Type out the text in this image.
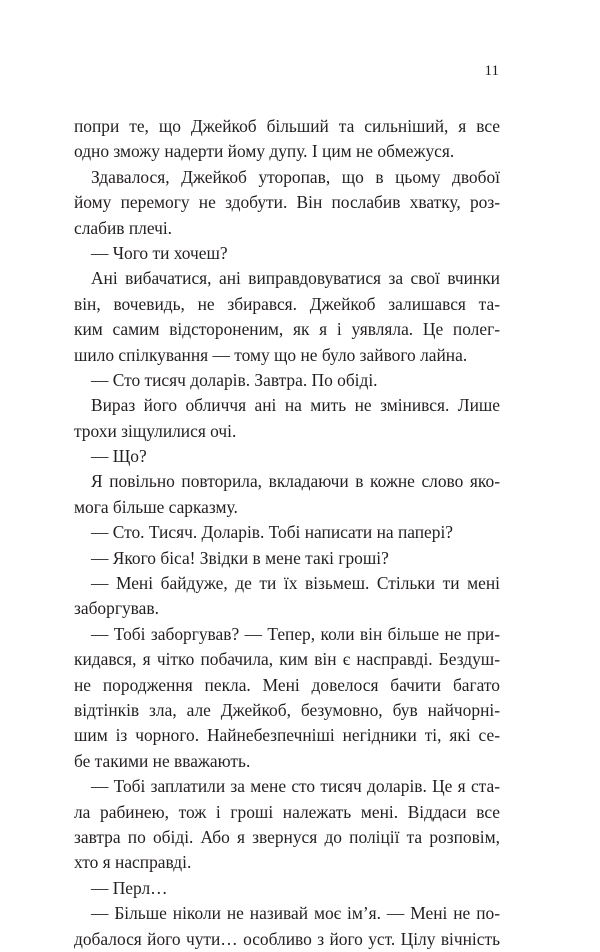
11
попри те, що Джейкоб більший та сильніший, я все
одно зможу надерти йому дупу. І цим не обмежуся.
Здавалося, Джейкоб уторопав, що в цьому двобої
йому перемогу не здобути. Він послабив хватку, роз-
слабив плечі.
— Чого ти хочеш?
Ані вибачатися, ані виправдовуватися за свої вчинки
він, вочевидь, не збирався. Джейкоб залишався та-
ким самим відстороненим, як я і уявляла. Це полег-
шило спілкування — тому що не було зайвого лайна.
— Сто тисяч доларів. Завтра. По обіді.
Вираз його обличчя ані на мить не змінився. Лише
трохи зіщулилися очі.
— Що?
Я повільно повторила, вкладаючи в кожне слово яко-
мога більше сарказму.
— Сто. Тисяч. Доларів. Тобі написати на папері?
— Якого біса! Звідки в мене такі гроші?
— Мені байдуже, де ти їх візьмеш. Стільки ти мені
заборгував.
— Тобі заборгував? — Тепер, коли він більше не при-
кидався, я чітко побачила, ким він є насправді. Бездуш-
не породження пекла. Мені довелося бачити багато
відтінків зла, але Джейкоб, безумовно, був найчорні-
шим із чорного. Найнебезпечніші негідники ті, які се-
бе такими не вважають.
— Тобі заплатили за мене сто тисяч доларів. Це я ста-
ла рабинею, тож і гроші належать мені. Віддаси все
завтра по обіді. Або я звернуся до поліції та розповім,
хто я насправді.
— Перл…
— Більше ніколи не називай моє ім’я. — Мені не по-
добалося його чути… особливо з його уст. Цілу вічність
